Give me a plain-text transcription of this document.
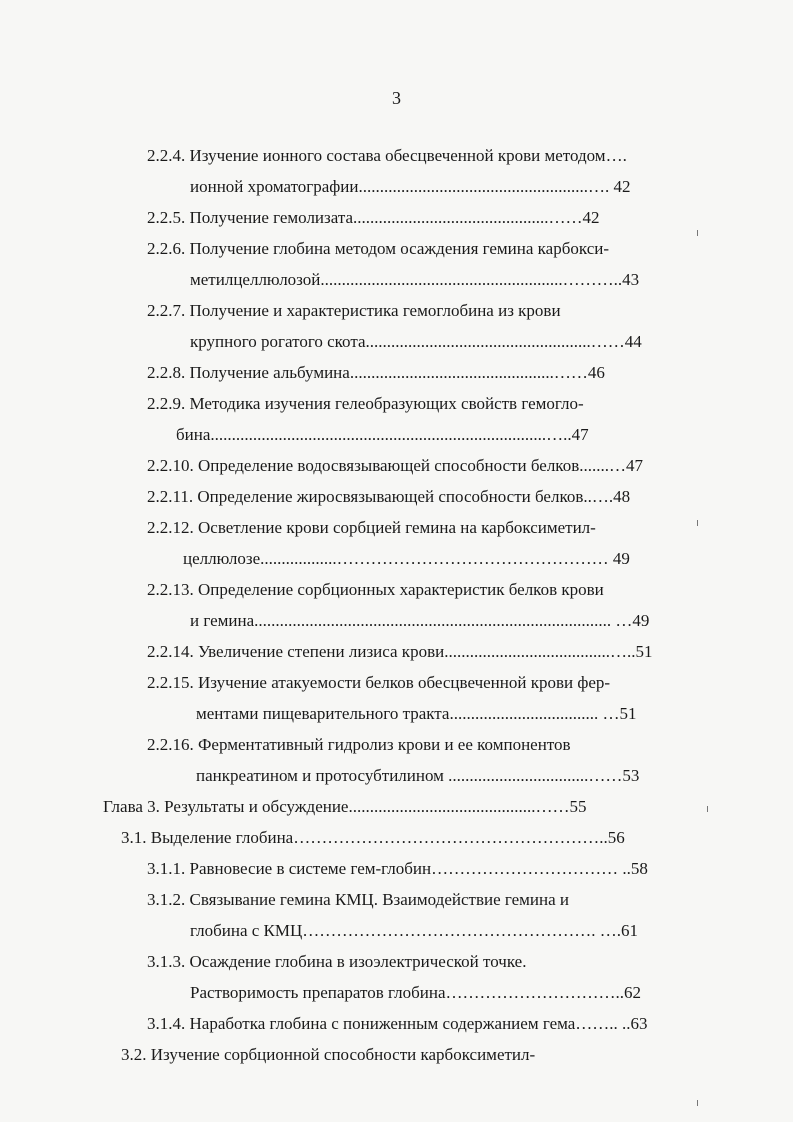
3
2.2.4. Изучение ионного состава обесцвеченной крови методом….
ионной хроматографии......................................................…. 42
2.2.5. Получение гемолизата..............................................……42
2.2.6. Получение глобина методом осаждения гемина карбокси-
метилцеллюлозой.........................................................………..43
2.2.7. Получение и характеристика гемоглобина из крови
крупного рогатого скота.....................................................……44
2.2.8. Получение альбумина................................................……46
2.2.9. Методика изучения гелеобразующих свойств гемогло-
бина...............................................................................…..47
2.2.10. Определение водосвязывающей способности белков.......…47
2.2.11. Определение жиросвязывающей способности белков..….48
2.2.12. Осветление крови сорбцией гемина на карбоксиметил-
целлюлозе..................………………………………………… 49
2.2.13. Определение сорбционных характеристик белков крови
и гемина.................................................................................... …49
2.2.14. Увеличение степени лизиса крови.......................................…..51
2.2.15. Изучение атакуемости белков обесцвеченной крови фер-
ментами пищеварительного тракта................................... …51
2.2.16. Ферментативный гидролиз крови и ее компонентов
панкреатином и протосубтилином .................................……53
Глава 3. Результаты и обсуждение............................................……55
3.1. Выделение глобина………………………………………………..56
3.1.1. Равновесие в системе гем-глобин…………………………… ..58
3.1.2. Связывание гемина КМЦ. Взаимодействие гемина и
глобина с КМЦ……………………………………………. ….61
3.1.3. Осаждение глобина в изоэлектрической точке.
Растворимость препаратов глобина…………………………..62
3.1.4. Наработка глобина с пониженным содержанием гема…….. ..63
3.2. Изучение сорбционной способности карбоксиметил-
